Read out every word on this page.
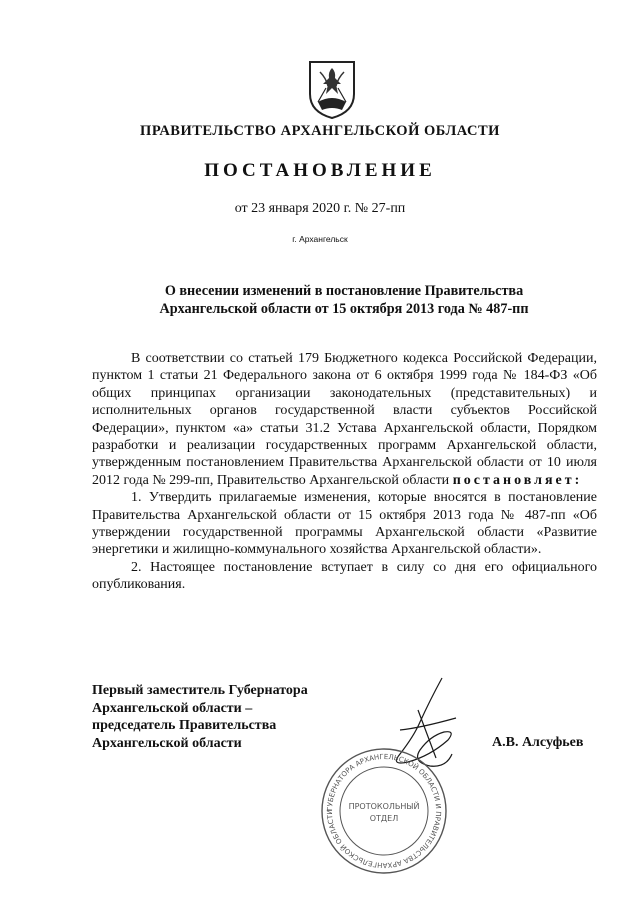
ПРАВИТЕЛЬСТВО АРХАНГЕЛЬСКОЙ ОБЛАСТИ
ПОСТАНОВЛЕНИЕ
от 23 января 2020 г. № 27-пп
г. Архангельск
О внесении изменений в постановление Правительства
Архангельской области от 15 октября 2013 года № 487-пп

В соответствии со статьей 179 Бюджетного кодекса Российской Федерации, пунктом 1 статьи 21 Федерального закона от 6 октября 1999 года № 184-ФЗ «Об общих принципах организации законодательных (представительных) и исполнительных органов государственной власти субъектов Российской Федерации», пунктом «а» статьи 31.2 Устава Архангельской области, Порядком разработки и реализации государственных программ Архангельской области, утвержденным постановлением Правительства Архангельской области от 10 июля 2012 года № 299-пп, Правительство Архангельской области постановляет:

1. Утвердить прилагаемые изменения, которые вносятся в постановление Правительства Архангельской области от 15 октября 2013 года № 487-пп «Об утверждении государственной программы Архангельской области «Развитие энергетики и жилищно-коммунального хозяйства Архангельской области».

2. Настоящее постановление вступает в силу со дня его официального опубликования.

Первый заместитель Губернатора
Архангельской области –
председатель Правительства
Архангельской области	А.В. Алсуфьев
ГУБЕРНАТОРА АРХАНГЕЛЬСКОЙ ОБЛАСТИ И ПРАВИТЕЛЬСТВА АРХАНГЕЛЬСКОЙ ОБЛАСТИ
ПРОТОКОЛЬНЫЙ
ОТДЕЛ
